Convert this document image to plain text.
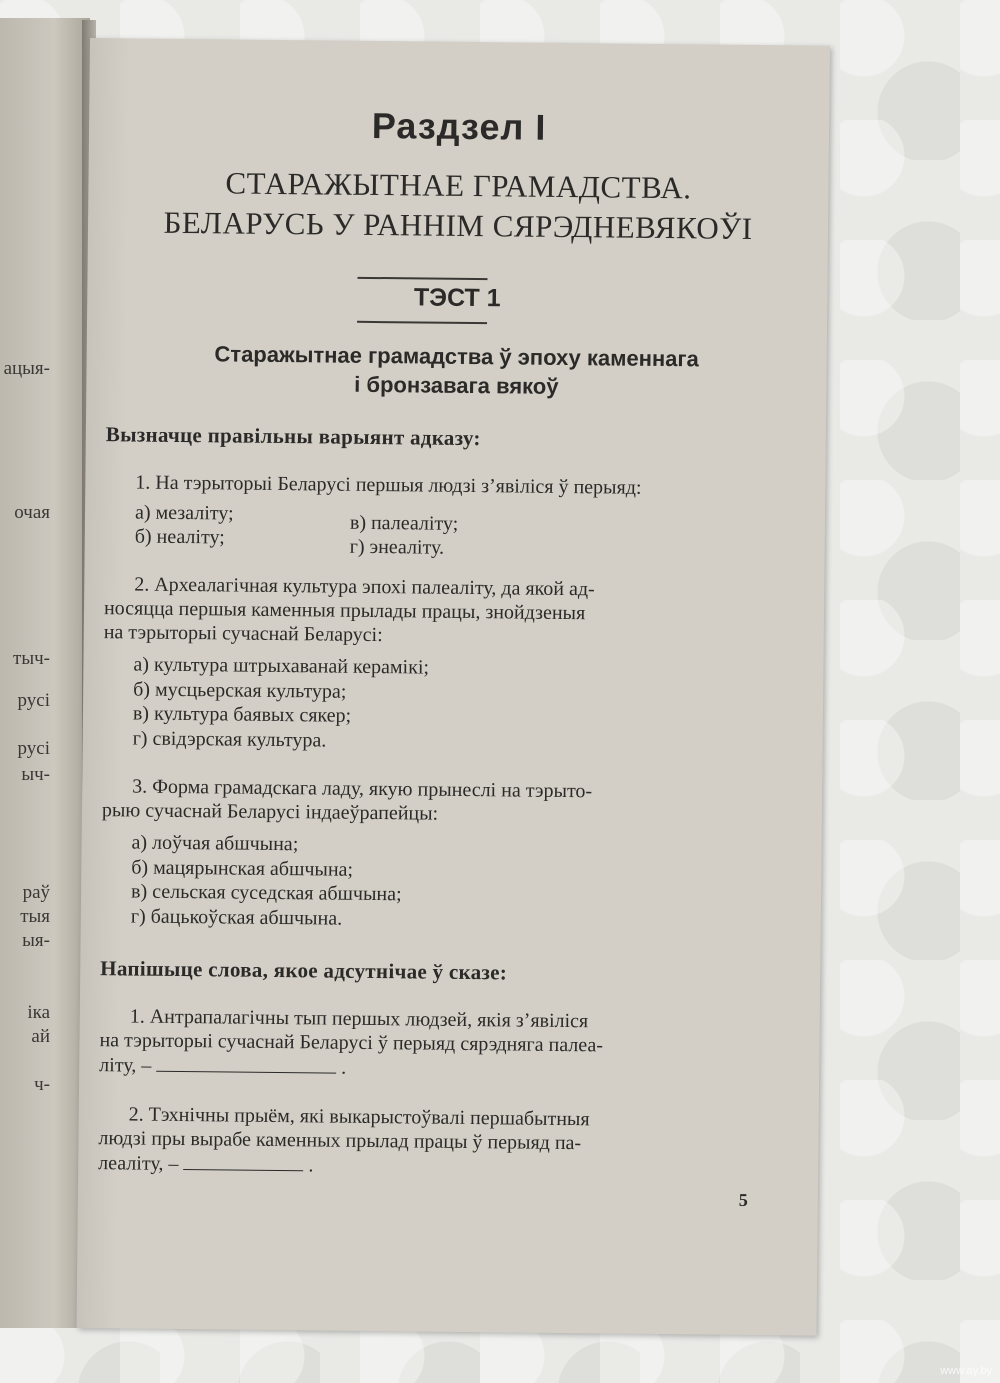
ацыя-
очая
тыч-
русі
русі
ыч-
раў
тыя
ыя-
іка
ай
ч-
Раздзел I
СТАРАЖЫТНАЕ ГРАМАДСТВА.
БЕЛАРУСЬ У РАННІМ СЯРЭДНЕВЯКОЎІ
ТЭСТ 1
Старажытнае грамадства ў эпоху каменнага
і бронзавага вякоў
Вызначце правільны варыянт адказу:
1. На тэрыторыі Беларусі першыя людзі з’явіліся ў перыяд:
а) мезаліту;
б) неаліту;
в) палеаліту;
г) энеаліту.
2. Археалагічная культура эпохі палеаліту, да якой ад-
носяцца першыя каменныя прылады працы, знойдзеныя
на тэрыторыі сучаснай Беларусі:
а) культура штрыхаванай керамікі;
б) мусцьерская культура;
в) культура баявых сякер;
г) свідэрская культура.
3. Форма грамадскага ладу, якую прынеслі на тэрыто-
рыю сучаснай Беларусі індаеўрапейцы:
а) лоўчая абшчына;
б) мацярынская абшчына;
в) сельская суседская абшчына;
г) бацькоўская абшчына.
Напішыце слова, якое адсутнічае ў сказе:
1. Антрапалагічны тып першых людзей, якія з’явіліся
на тэрыторыі сучаснай Беларусі ў перыяд сярэдняга палеа-
літу, –	.
2. Тэхнічны прыём, які выкарыстоўвалі першабытныя
людзі пры вырабе каменных прылад працы ў перыяд па-
леаліту, –	.
5
www.ay.by
